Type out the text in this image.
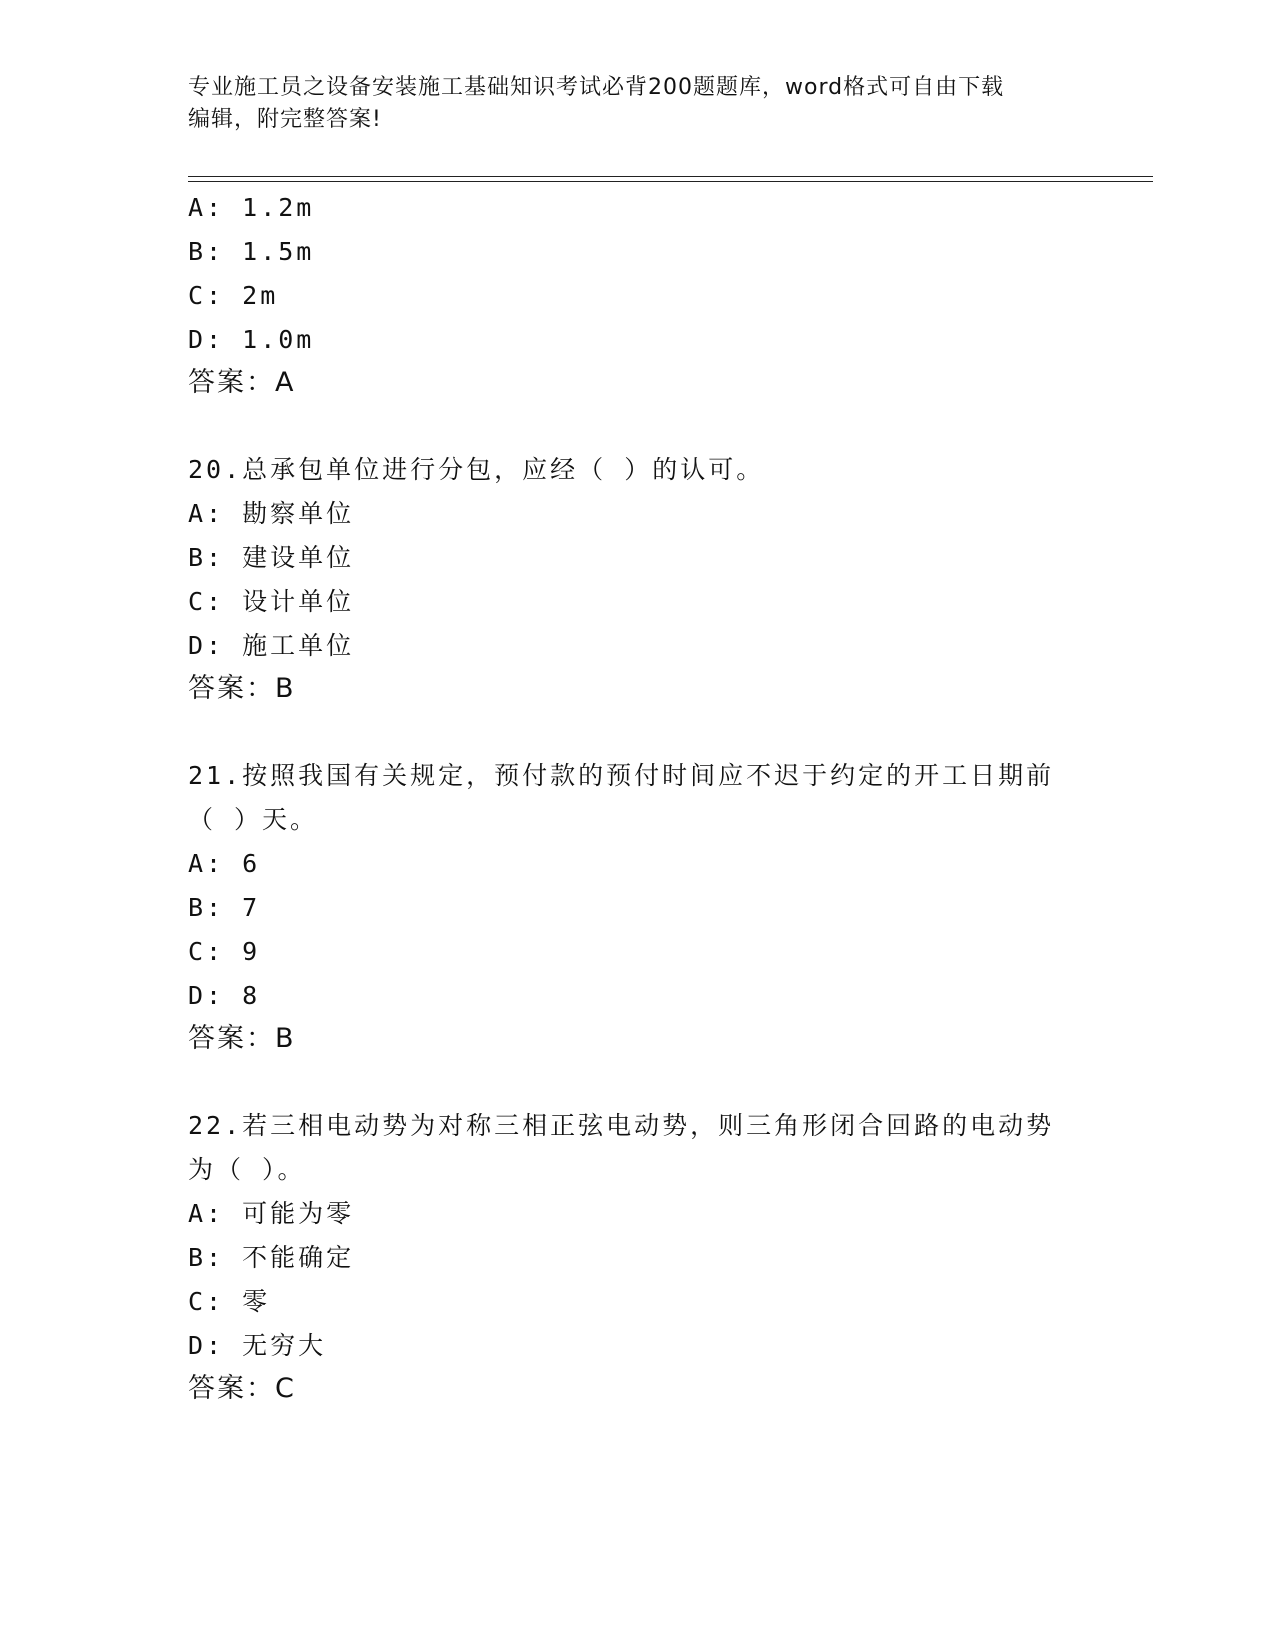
专业施工员之设备安装施工基础知识考试必背200题题库，word格式可自由下载
编辑，附完整答案!
A: 1.2m
B: 1.5m
C: 2m
D: 1.0m
答案：A
20.总承包单位进行分包，应经（ ）的认可。
A: 勘察单位
B: 建设单位
C: 设计单位
D: 施工单位
答案：B
21.按照我国有关规定，预付款的预付时间应不迟于约定的开工日期前
（ ）天。
A: 6
B: 7
C: 9
D: 8
答案：B
22.若三相电动势为对称三相正弦电动势，则三角形闭合回路的电动势
为（ ）。
A: 可能为零
B: 不能确定
C: 零
D: 无穷大
答案：C
